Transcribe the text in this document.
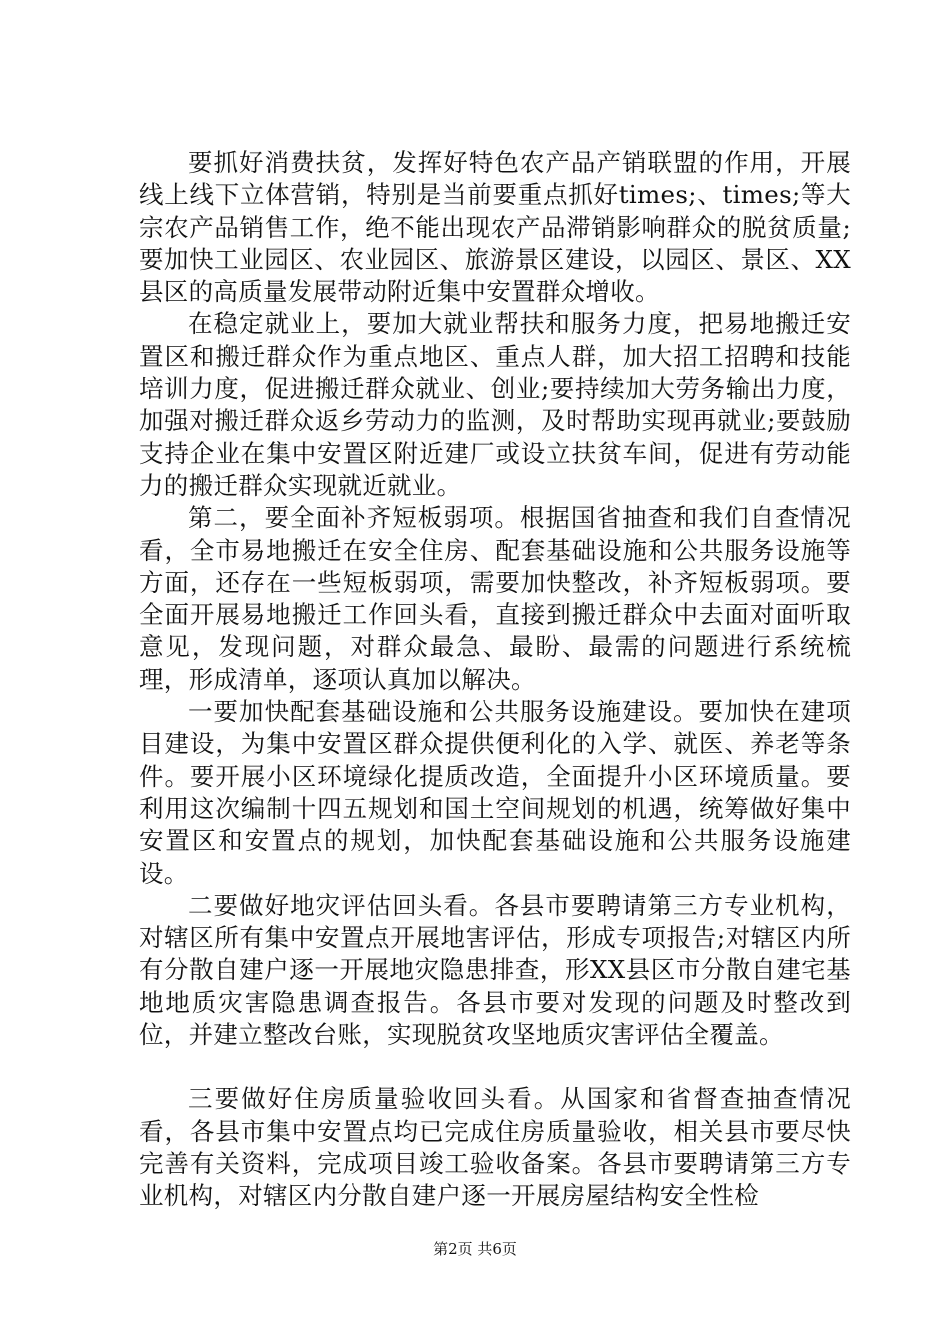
要抓好消费扶贫，发挥好特色农产品产销联盟的作用，开展线上线下立体营销，特别是当前要重点抓好times;、times;等大宗农产品销售工作，绝不能出现农产品滞销影响群众的脱贫质量;要加快工业园区、农业园区、旅游景区建设，以园区、景区、XX县区的高质量发展带动附近集中安置群众增收。

在稳定就业上，要加大就业帮扶和服务力度，把易地搬迁安置区和搬迁群众作为重点地区、重点人群，加大招工招聘和技能培训力度，促进搬迁群众就业、创业;要持续加大劳务输出力度，加强对搬迁群众返乡劳动力的监测，及时帮助实现再就业;要鼓励支持企业在集中安置区附近建厂或设立扶贫车间，促进有劳动能力的搬迁群众实现就近就业。

第二，要全面补齐短板弱项。根据国省抽查和我们自查情况看，全市易地搬迁在安全住房、配套基础设施和公共服务设施等方面，还存在一些短板弱项，需要加快整改，补齐短板弱项。要全面开展易地搬迁工作回头看，直接到搬迁群众中去面对面听取意见，发现问题，对群众最急、最盼、最需的问题进行系统梳理，形成清单，逐项认真加以解决。

一要加快配套基础设施和公共服务设施建设。要加快在建项目建设，为集中安置区群众提供便利化的入学、就医、养老等条件。要开展小区环境绿化提质改造，全面提升小区环境质量。要利用这次编制十四五规划和国土空间规划的机遇，统筹做好集中安置区和安置点的规划，加快配套基础设施和公共服务设施建设。

二要做好地灾评估回头看。各县市要聘请第三方专业机构，对辖区所有集中安置点开展地害评估，形成专项报告;对辖区内所有分散自建户逐一开展地灾隐患排查，形XX县区市分散自建宅基地地质灾害隐患调查报告。各县市要对发现的问题及时整改到位，并建立整改台账，实现脱贫攻坚地质灾害评估全覆盖。

三要做好住房质量验收回头看。从国家和省督查抽查情况看，各县市集中安置点均已完成住房质量验收，相关县市要尽快完善有关资料，完成项目竣工验收备案。各县市要聘请第三方专业机构，对辖区内分散自建户逐一开展房屋结构安全性检

第2页 共6页
